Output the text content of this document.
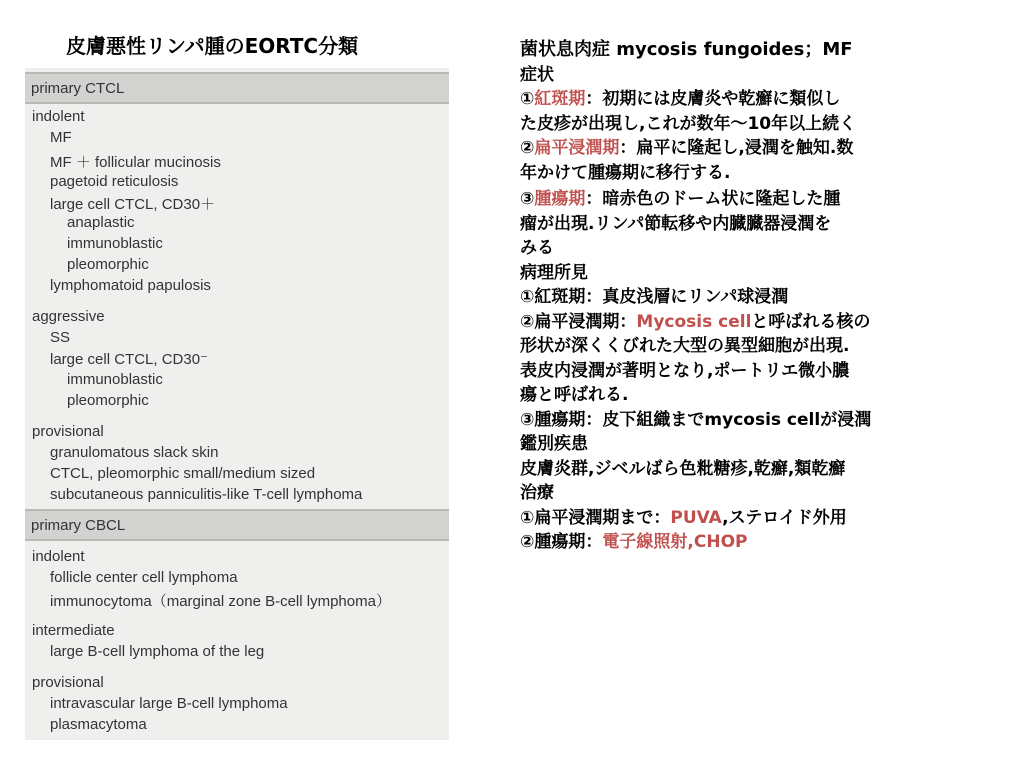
皮膚悪性リンパ腫のEORTC分類
primary CTCL
indolent
MF
MF ＋ follicular mucinosis
pagetoid reticulosis
large cell CTCL, CD30＋
anaplastic
immunoblastic
pleomorphic
lymphomatoid papulosis
aggressive
SS
large cell CTCL, CD30⁻
immunoblastic
pleomorphic
provisional
granulomatous slack skin
CTCL, pleomorphic small/medium sized
subcutaneous panniculitis-like T-cell lymphoma
primary CBCL
indolent
follicle center cell lymphoma
immunocytoma（marginal zone B-cell lymphoma）
intermediate
large B-cell lymphoma of the leg
provisional
intravascular large B-cell lymphoma
plasmacytoma
菌状息肉症 mycosis fungoides；MF
症状
①紅斑期：初期には皮膚炎や乾癬に類似し
た皮疹が出現し,これが数年～10年以上続く
②扁平浸潤期：扁平に隆起し,浸潤を触知.数
年かけて腫瘍期に移行する.
③腫瘍期：暗赤色のドーム状に隆起した腫
瘤が出現.リンパ節転移や内臓臓器浸潤を
みる
病理所見
①紅斑期：真皮浅層にリンパ球浸潤
②扁平浸潤期：Mycosis cellと呼ばれる核の
形状が深くくびれた大型の異型細胞が出現.
表皮内浸潤が著明となり,ポートリエ微小膿
瘍と呼ばれる.
③腫瘍期：皮下組織までmycosis cellが浸潤
鑑別疾患
皮膚炎群,ジベルばら色粃糖疹,乾癬,類乾癬
治療
①扁平浸潤期まで：PUVA,ステロイド外用
②腫瘍期：電子線照射,CHOP
